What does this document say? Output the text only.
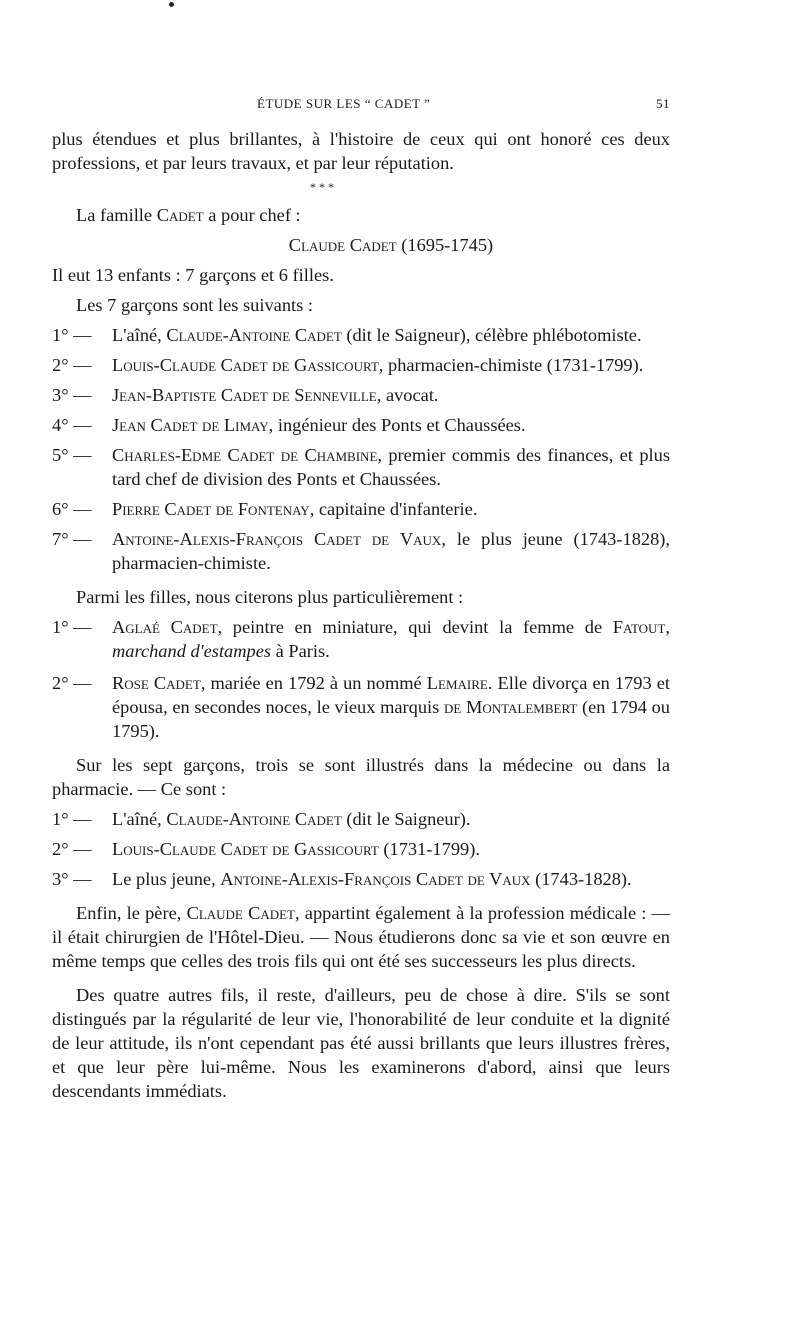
ÉTUDE SUR LES “ CADET ”	51

plus étendues et plus brillantes, à l'histoire de ceux qui ont honoré ces deux professions, et par leurs travaux, et par leur réputation.

* * *

La famille Cadet a pour chef :

Claude Cadet (1695-1745)

Il eut 13 enfants : 7 garçons et 6 filles.

Les 7 garçons sont les suivants :

1° — L'aîné, Claude-Antoine Cadet (dit le Saigneur), célèbre phlébotomiste.

2° — Louis-Claude Cadet de Gassicourt, pharmacien-chimiste (1731-1799).

3° — Jean-Baptiste Cadet de Senneville, avocat.

4° — Jean Cadet de Limay, ingénieur des Ponts et Chaussées.

5° — Charles-Edme Cadet de Chambine, premier commis des finances, et plus tard chef de division des Ponts et Chaussées.

6° — Pierre Cadet de Fontenay, capitaine d'infanterie.

7° — Antoine-Alexis-François Cadet de Vaux, le plus jeune (1743-1828), pharmacien-chimiste.

Parmi les filles, nous citerons plus particulièrement :

1° — Aglaé Cadet, peintre en miniature, qui devint la femme de Fatout, marchand d'estampes à Paris.

2° — Rose Cadet, mariée en 1792 à un nommé Lemaire. Elle divorça en 1793 et épousa, en secondes noces, le vieux marquis de Montalembert (en 1794 ou 1795).

Sur les sept garçons, trois se sont illustrés dans la médecine ou dans la pharmacie. — Ce sont :

1° — L'aîné, Claude-Antoine Cadet (dit le Saigneur).

2° — Louis-Claude Cadet de Gassicourt (1731-1799).

3° — Le plus jeune, Antoine-Alexis-François Cadet de Vaux (1743-1828).

Enfin, le père, Claude Cadet, appartint également à la profession médicale : — il était chirurgien de l'Hôtel-Dieu. — Nous étudierons donc sa vie et son œuvre en même temps que celles des trois fils qui ont été ses successeurs les plus directs.

Des quatre autres fils, il reste, d'ailleurs, peu de chose à dire. S'ils se sont distingués par la régularité de leur vie, l'honorabilité de leur conduite et la dignité de leur attitude, ils n'ont cependant pas été aussi brillants que leurs illustres frères, et que leur père lui-même. Nous les examinerons d'abord, ainsi que leurs descendants immédiats.
